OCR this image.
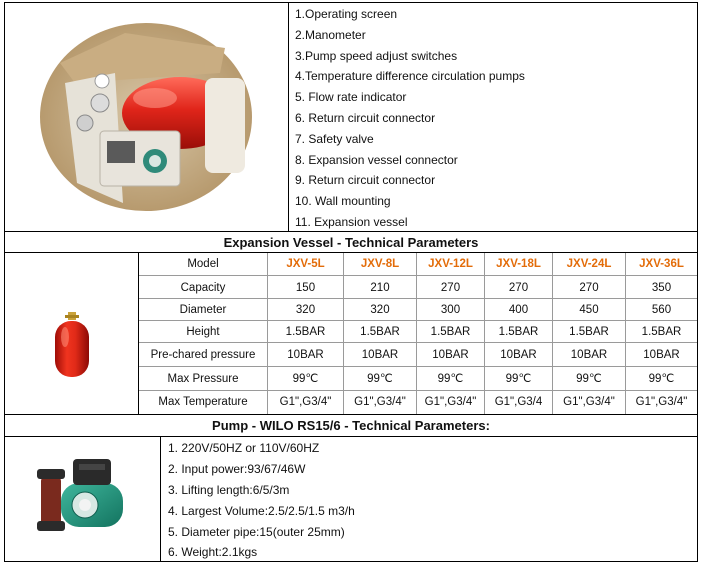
1.Operating screen
2.Manometer
3.Pump speed adjust switches
4.Temperature difference circulation pumps
5. Flow rate indicator
6. Return circuit connector
7. Safety valve
8. Expansion vessel connector
9. Return circuit connector
10. Wall mounting
11. Expansion vessel
Expansion Vessel - Technical Parameters
Model	JXV-5L	JXV-8L	JXV-12L	JXV-18L	JXV-24L	JXV-36L
Capacity	150	210	270	270	270	350
Diameter	320	320	300	400	450	560
Height	1.5BAR	1.5BAR	1.5BAR	1.5BAR	1.5BAR	1.5BAR
Pre-chared pressure	10BAR	10BAR	10BAR	10BAR	10BAR	10BAR
Max Pressure	99℃	99℃	99℃	99℃	99℃	99℃
Max Temperature	G1",G3/4"	G1",G3/4"	G1",G3/4"	G1",G3/4	G1",G3/4"	G1",G3/4"
Pump - WILO RS15/6 - Technical Parameters:
1. 220V/50HZ or 110V/60HZ
2. Input power:93/67/46W
3. Lifting length:6/5/3m
4. Largest Volume:2.5/2.5/1.5 m3/h
5. Diameter pipe:15(outer 25mm)
6. Weight:2.1kgs
